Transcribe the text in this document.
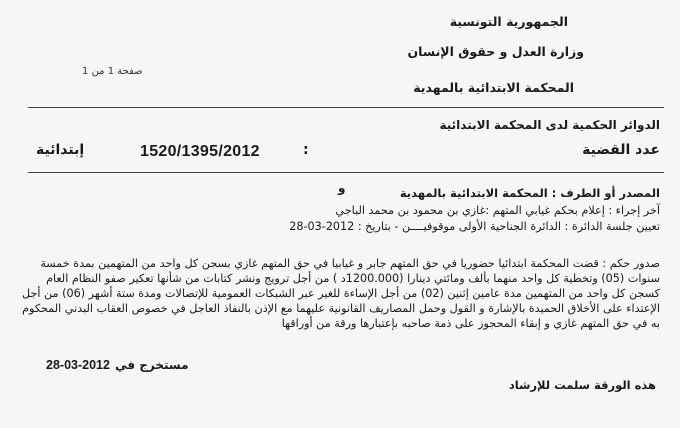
الجمهورية التونسية
وزارة العدل و حقوق الإنسان
المحكمة الابتدائية بالمهدية
صفحة 1 من 1
الدوائر الحكمية لدى المحكمة الابتدائية
عدد القضية
:
1520/1395/2012
إبتدائية
المصدر أو الطرف : المحكمة الابتدائية بالمهدية
ﻭ
آخر إجراء : إعلام بحكم غيابي المتهم :غازي بن محمود بن محمد الباجي
تعيين جلسة الدائرة : الدائرة الجناحية الأولى موقوفيــــن - بتاريخ : 2012-03-28
صدور حكم : قضت المحكمة ابتدائيا حضوريا في حق المتهم جابر و غيابيا في حق المتهم غازي بسجن كل واحد من المتهمين بمدة خمسة
سنوات (05) وتخطية كل واحد منهما بألف ومائتي دينارا (1200.000د ) من أجل ترويج ونشر كتابات من شأنها تعكير صفو النظام العام
كسجن كل واحد من المتهمين مدة عامين إثنين (02) من أجل الإساءة للغير عبر الشبكات العمومية للإتصالات ومدة ستة أشهر (06) من أجل
الإعتداء على الأخلاق الحميدة بالإشارة و القول وحمل المصاريف القانونية عليهما مع الإذن بالنفاذ العاجل في خصوص العقاب البدني المحكوم
به في حق المتهم غازي و إبقاء المحجوز على ذمة صاحبه بإعتبارها ورقة من أوراقها
مستخرج في 2012-03-28
هذه الورقة سلمت للإرشاد
